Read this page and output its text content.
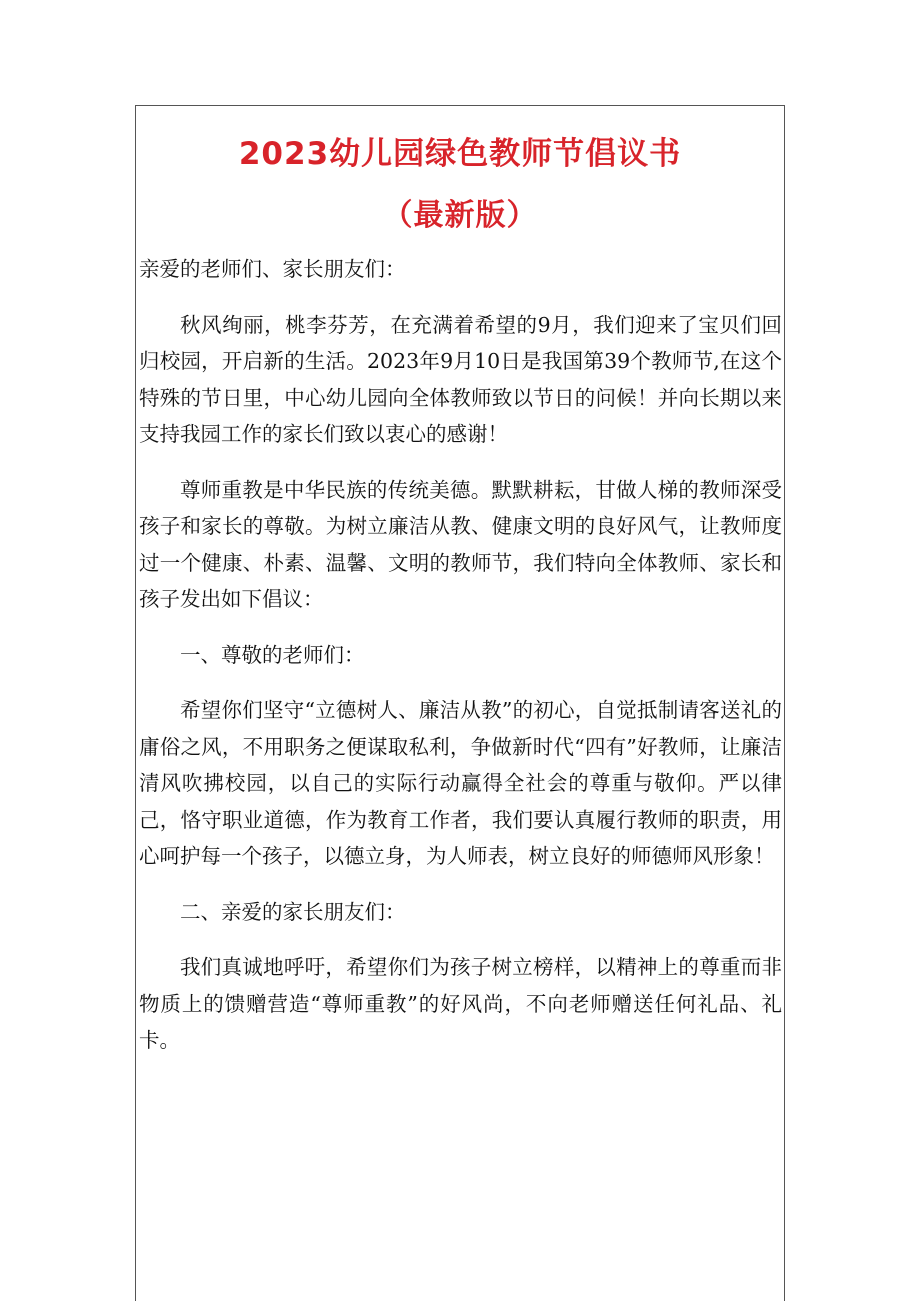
2023幼儿园绿色教师节倡议书
（最新版）

亲爱的老师们、家长朋友们：

秋风绚丽，桃李芬芳，在充满着希望的9月，我们迎来了宝贝们回归校园，开启新的生活。2023年9月10日是我国第39个教师节,在这个特殊的节日里，中心幼儿园向全体教师致以节日的问候！并向长期以来支持我园工作的家长们致以衷心的感谢！

尊师重教是中华民族的传统美德。默默耕耘，甘做人梯的教师深受孩子和家长的尊敬。为树立廉洁从教、健康文明的良好风气，让教师度过一个健康、朴素、温馨、文明的教师节，我们特向全体教师、家长和孩子发出如下倡议：

一、尊敬的老师们：

希望你们坚守“立德树人、廉洁从教”的初心，自觉抵制请客送礼的庸俗之风，不用职务之便谋取私利，争做新时代“四有”好教师，让廉洁清风吹拂校园，以自己的实际行动赢得全社会的尊重与敬仰。严以律己，恪守职业道德，作为教育工作者，我们要认真履行教师的职责，用心呵护每一个孩子，以德立身，为人师表，树立良好的师德师风形象！

二、亲爱的家长朋友们：

我们真诚地呼吁，希望你们为孩子树立榜样，以精神上的尊重而非物质上的馈赠营造“尊师重教”的好风尚，不向老师赠送任何礼品、礼卡。
